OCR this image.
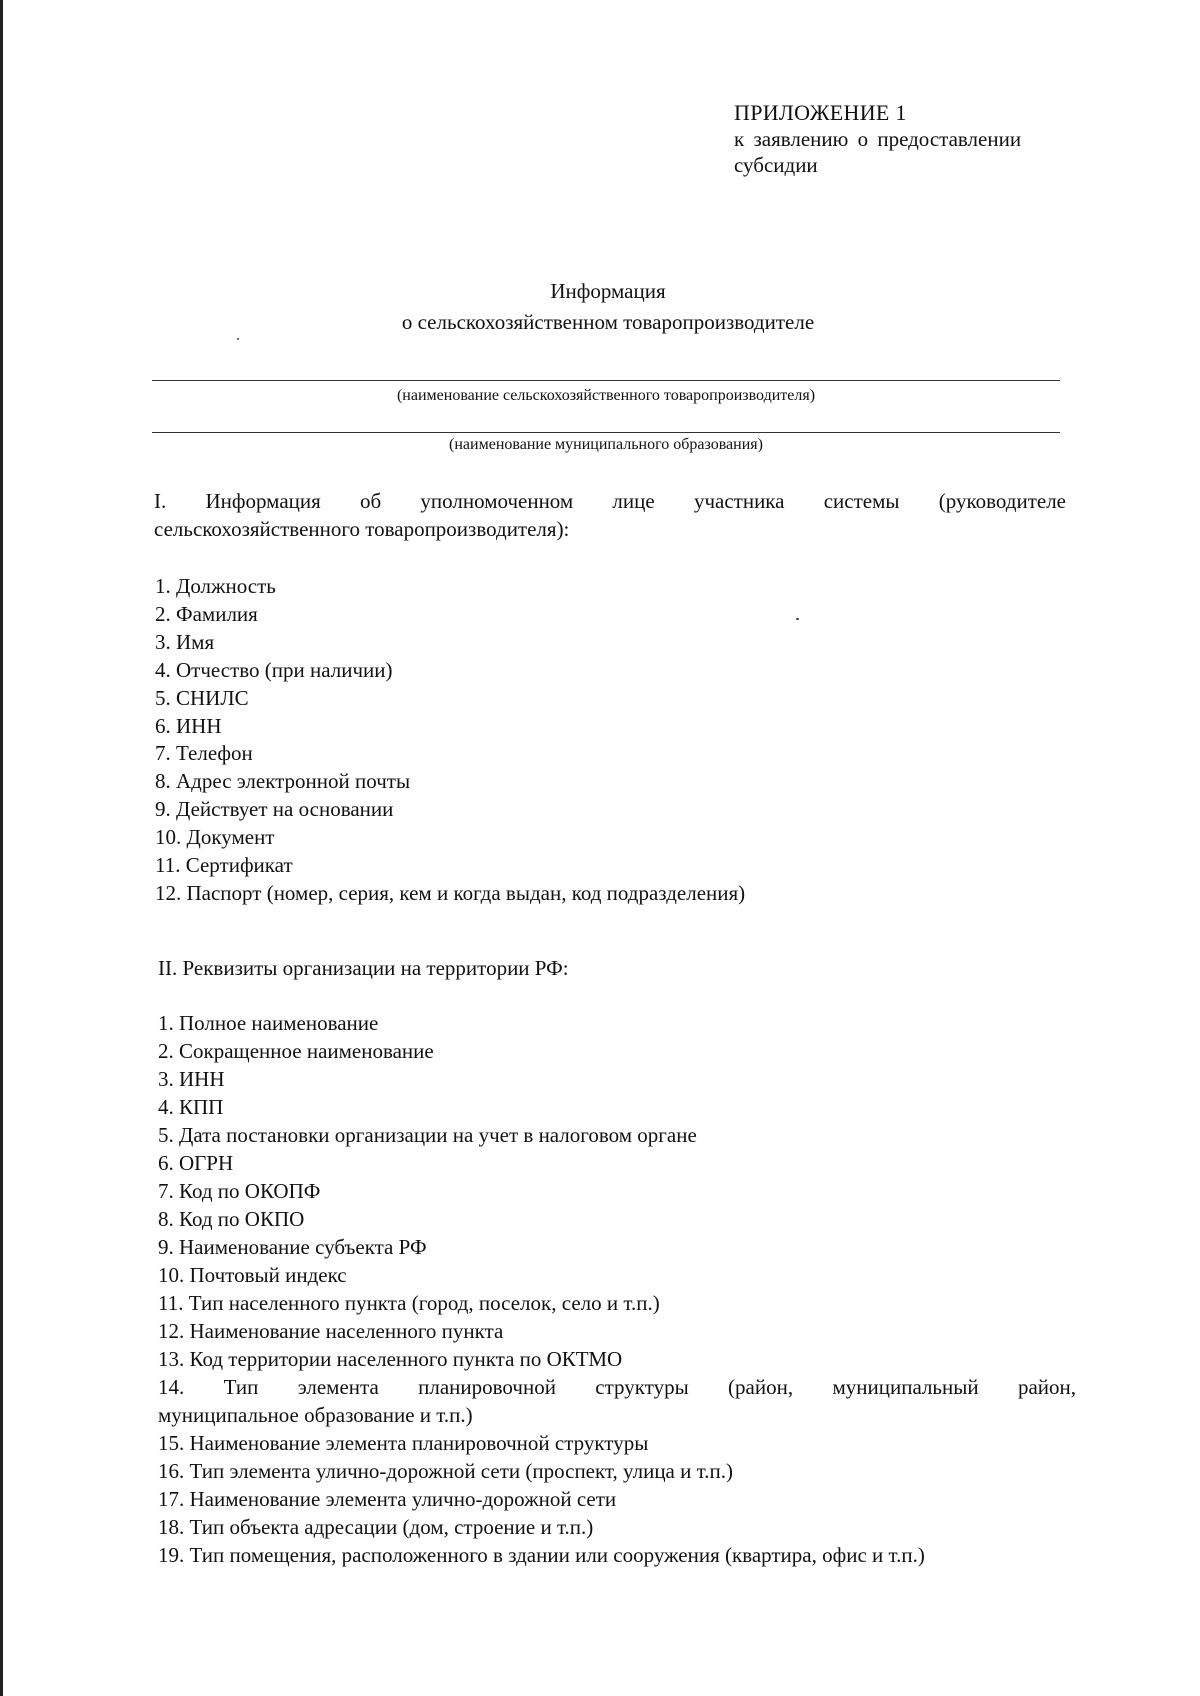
ПРИЛОЖЕНИЕ 1
к заявлению о предоставлении
субсидии
Информация
о сельскохозяйственном товаропроизводителе
(наименование сельскохозяйственного товаропроизводителя)
(наименование муниципального образования)
I. Информация об уполномоченном лице участника системы (руководителе
сельскохозяйственного товаропроизводителя):
1. Должность
2. Фамилия
3. Имя
4. Отчество (при наличии)
5. СНИЛС
6. ИНН
7. Телефон
8. Адрес электронной почты
9. Действует на основании
10. Документ
11. Сертификат
12. Паспорт (номер, серия, кем и когда выдан, код подразделения)
II. Реквизиты организации на территории РФ:
1. Полное наименование
2. Сокращенное наименование
3. ИНН
4. КПП
5. Дата постановки организации на учет в налоговом органе
6. ОГРН
7. Код по ОКОПФ
8. Код по ОКПО
9. Наименование субъекта РФ
10. Почтовый индекс
11. Тип населенного пункта (город, поселок, село и т.п.)
12. Наименование населенного пункта
13. Код территории населенного пункта по ОКТМО
14. Тип элемента планировочной структуры (район, муниципальный район,
муниципальное образование и т.п.)
15. Наименование элемента планировочной структуры
16. Тип элемента улично-дорожной сети (проспект, улица и т.п.)
17. Наименование элемента улично-дорожной сети
18. Тип объекта адресации (дом, строение и т.п.)
19. Тип помещения, расположенного в здании или сооружения (квартира, офис и т.п.)
